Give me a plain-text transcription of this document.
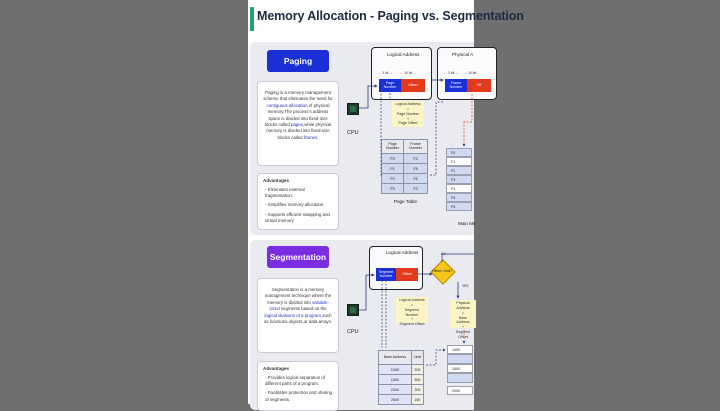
Memory Allocation - Paging vs. Segmentation
Paging
Paging is a memory management scheme that eliminates the need for contiguous allocation of physical memory.The process's address space is divided into fixed-size blocks called pages,while physical memory is divided into fixed-size blocks called frames.
Advantages
- Eliminates external fragmentation.
- Simplifies memory allocation.
- Supports efficient swapping and virtual memory
CPU
Logical Address
← 3 bit → ← 10 bit →
Page Number	Offset
Physical A
← 3 bit → ← 10 bit
Frame Number	Off
Logical Address
=
Page Number
+
Page Offset
Page Number	Frame Number
P0	F2
P1	F5
P2	F6
P3	F3
Page Table
F0
F1
F2
F3
F4
F5
F6
Main Me
Segmentation
Segmentation is a memory management technique where the memory is divided into variable-sized segments based on the logical divisions of a program,such as functions,objects,or data arrays.
Advantages
- Provides logical separation of different parts of a program.
- Facilitates protection and sharing of segments.
CPU
Logical Address
Segment Number	Offset
Offset < limit?
NO
YES
Logical Address
=
Segment Number
+
Segment Offset
Physical Address
=
Base Address
+
Segment Offset
Base Address	Limit
1000	200
1500	300
2000	200
2500	150
1000
1500
2000
